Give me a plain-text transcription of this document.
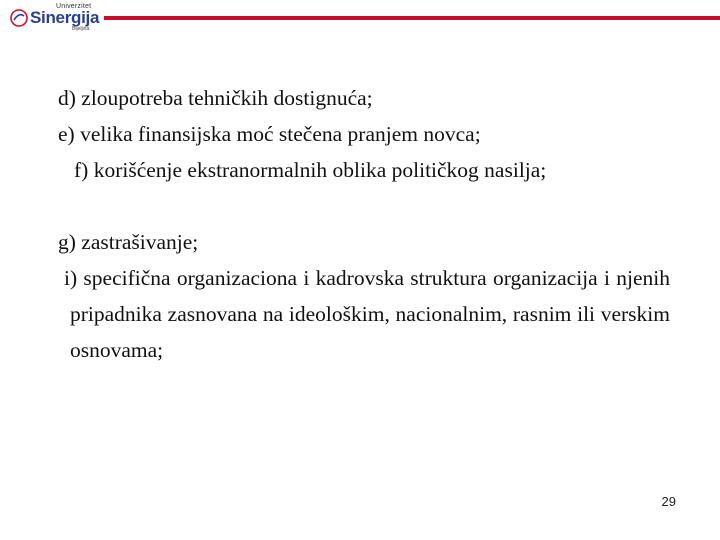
Univerzitet
Sinergija
Bijeljina
d) zloupotreba tehničkih dostignuća;
e) velika finansijska moć stečena pranjem novca;
f) korišćenje ekstranormalnih oblika političkog nasilja;
g) zastrašivanje;
i) specifična organizaciona i kadrovska struktura organizacija i njenih pripadnika zasnovana na ideološkim, nacionalnim, rasnim ili verskim osnovama;
29
